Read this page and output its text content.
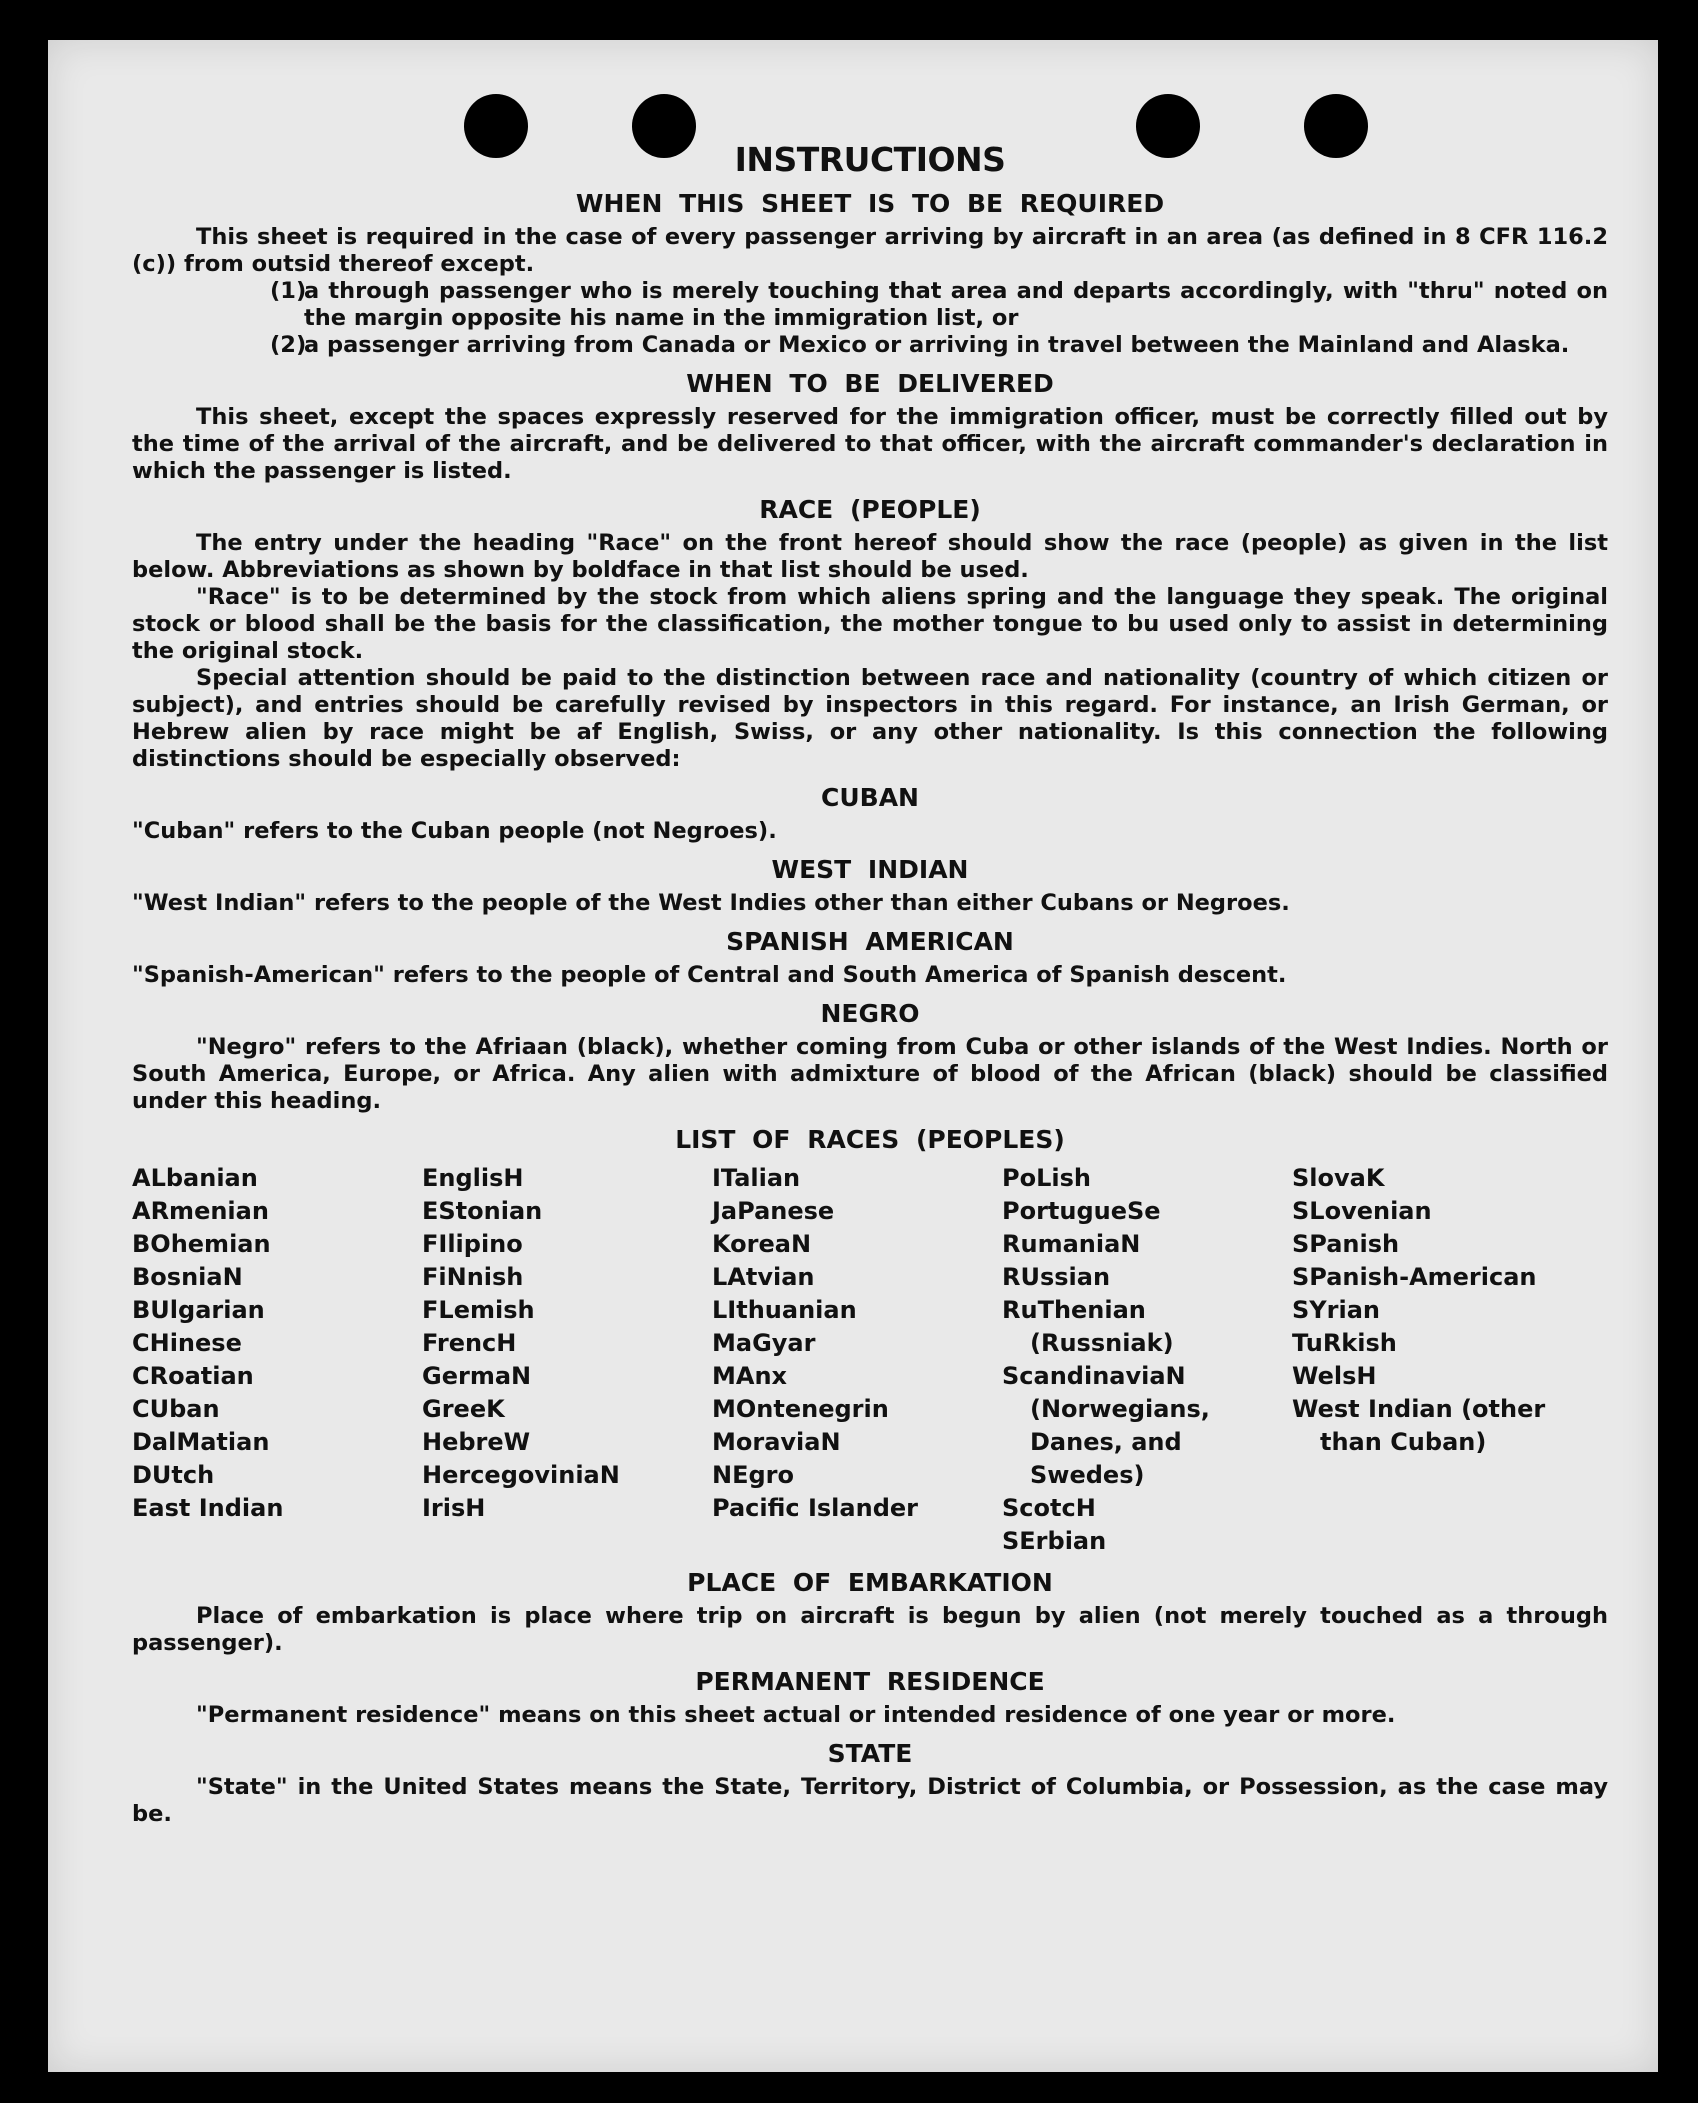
INSTRUCTIONS
WHEN THIS SHEET IS TO BE REQUIRED

This sheet is required in the case of every passenger arriving by aircraft in an area (as defined in 8 CFR 116.2 (c)) from outsid thereof except.

(1)
a through passenger who is merely touching that area and departs accordingly, with "thru" noted on the margin opposite his name in the immigration list, or
(2)
a passenger arriving from Canada or Mexico or arriving in travel between the Mainland and Alaska.
WHEN TO BE DELIVERED

This sheet, except the spaces expressly reserved for the immigration officer, must be correctly filled out by the time of the arrival of the aircraft, and be delivered to that officer, with the aircraft commander's declaration in which the passenger is listed.

RACE (PEOPLE)

The entry under the heading "Race" on the front hereof should show the race (people) as given in the list below. Abbreviations as shown by boldface in that list should be used.

"Race" is to be determined by the stock from which aliens spring and the language they speak. The original stock or blood shall be the basis for the classification, the mother tongue to bu used only to assist in determining the original stock.

Special attention should be paid to the distinction between race and nationality (country of which citizen or subject), and entries should be carefully revised by inspectors in this regard. For instance, an Irish German, or Hebrew alien by race might be af English, Swiss, or any other nationality. Is this connection the following distinctions should be especially observed:

CUBAN

"Cuban" refers to the Cuban people (not Negroes).

WEST INDIAN

"West Indian" refers to the people of the West Indies other than either Cubans or Negroes.

SPANISH AMERICAN

"Spanish-American" refers to the people of Central and South America of Spanish descent.

NEGRO

"Negro" refers to the Afriaan (black), whether coming from Cuba or other islands of the West Indies. North or South America, Europe, or Africa. Any alien with admixture of blood of the African (black) should be classified under this heading.

LIST OF RACES (PEOPLES)
ALbanian
ARmenian
BOhemian
BosniaN
BUlgarian
CHinese
CRoatian
CUban
DalMatian
DUtch
East Indian
EnglisH
EStonian
FIlipino
FiNnish
FLemish
FrencH
GermaN
GreeK
HebreW
HercegoviniaN
IrisH
ITalian
JaPanese
KoreaN
LAtvian
LIthuanian
MaGyar
MAnx
MOntenegrin
MoraviaN
NEgro
Pacific Islander
PoLish
PortugueSe
RumaniaN
RUssian
RuThenian (Russniak)
ScandinaviaN (Norwegians, Danes, and Swedes)
ScotcH
SErbian
SlovaK
SLovenian
SPanish
SPanish-American
SYrian
TuRkish
WelsH
West Indian (other than Cuban)
PLACE OF EMBARKATION

Place of embarkation is place where trip on aircraft is begun by alien (not merely touched as a through passenger).

PERMANENT RESIDENCE

"Permanent residence" means on this sheet actual or intended residence of one year or more.

STATE

"State" in the United States means the State, Territory, District of Columbia, or Possession, as the case may be.
